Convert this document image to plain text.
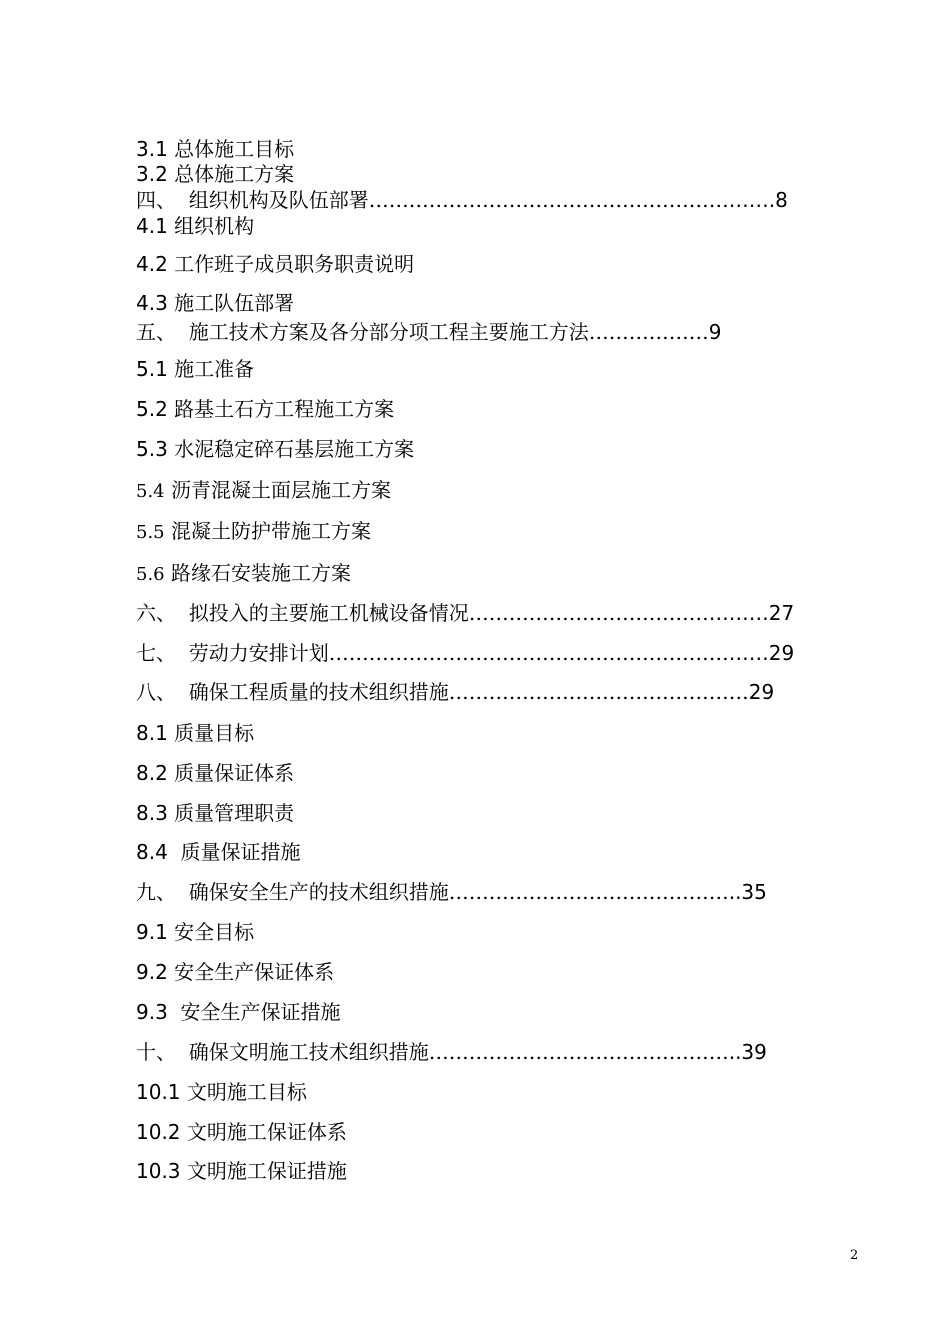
3.1 总体施工目标
3.2 总体施工方案
四、  组织机构及队伍部署…………………………………………………….8
4.1 组织机构
4.2 工作班子成员职务职责说明
4.3 施工队伍部署
五、  施工技术方案及各分部分项工程主要施工方法………………9
5.1 施工准备
5.2 路基土石方工程施工方案
5.3 水泥稳定碎石基层施工方案
5.4 沥青混凝土面层施工方案
5.5 混凝土防护带施工方案
5.6 路缘石安装施工方案
六、  拟投入的主要施工机械设备情况………………………………………27
七、  劳动力安排计划…………………………………………………………29
八、  确保工程质量的技术组织措施………………………………………29
8.1 质量目标
8.2 质量保证体系
8.3 质量管理职责
8.4  质量保证措施
九、  确保安全生产的技术组织措施……………………………………..35
9.1 安全目标
9.2 安全生产保证体系
9.3  安全生产保证措施
十、  确保文明施工技术组织措施………………………………………..39
10.1 文明施工目标
10.2 文明施工保证体系
10.3 文明施工保证措施
2
